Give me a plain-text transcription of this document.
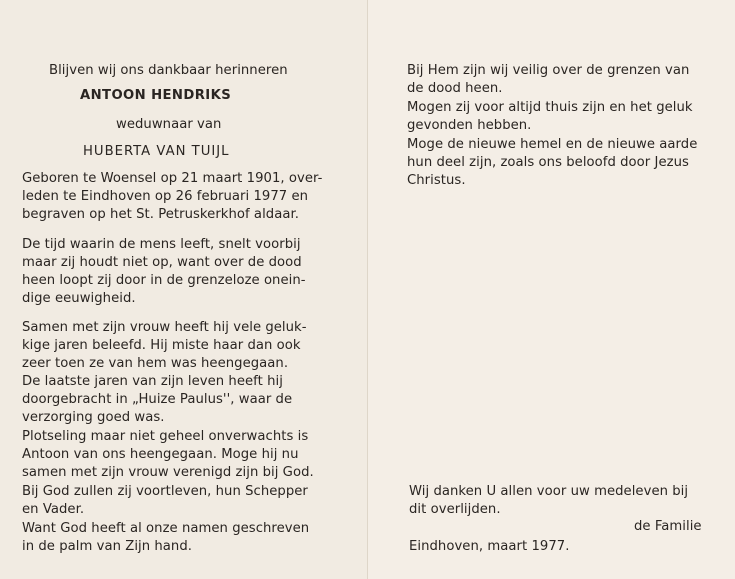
Blijven wij ons dankbaar herinneren
ANTOON HENDRIKS
weduwnaar van
HUBERTA VAN TUIJL
Geboren te Woensel op 21 maart 1901, over-
leden te Eindhoven op 26 februari 1977 en
begraven op het St. Petruskerkhof aldaar.
De tijd waarin de mens leeft, snelt voorbij
maar zij houdt niet op, want over de dood
heen loopt zij door in de grenzeloze onein-
dige eeuwigheid.
Samen met zijn vrouw heeft hij vele geluk-
kige jaren beleefd. Hij miste haar dan ook
zeer toen ze van hem was heengegaan.
De laatste jaren van zijn leven heeft hij
doorgebracht in „Huize Paulus'', waar de
verzorging goed was.
Plotseling maar niet geheel onverwachts is
Antoon van ons heengegaan. Moge hij nu
samen met zijn vrouw verenigd zijn bij God.
Bij God zullen zij voortleven, hun Schepper
en Vader.
Want God heeft al onze namen geschreven
in de palm van Zijn hand.
Bij Hem zijn wij veilig over de grenzen van
de dood heen.
Mogen zij voor altijd thuis zijn en het geluk
gevonden hebben.
Moge de nieuwe hemel en de nieuwe aarde
hun deel zijn, zoals ons beloofd door Jezus
Christus.
Wij danken U allen voor uw medeleven bij
dit overlijden.
de Familie
Eindhoven, maart 1977.
